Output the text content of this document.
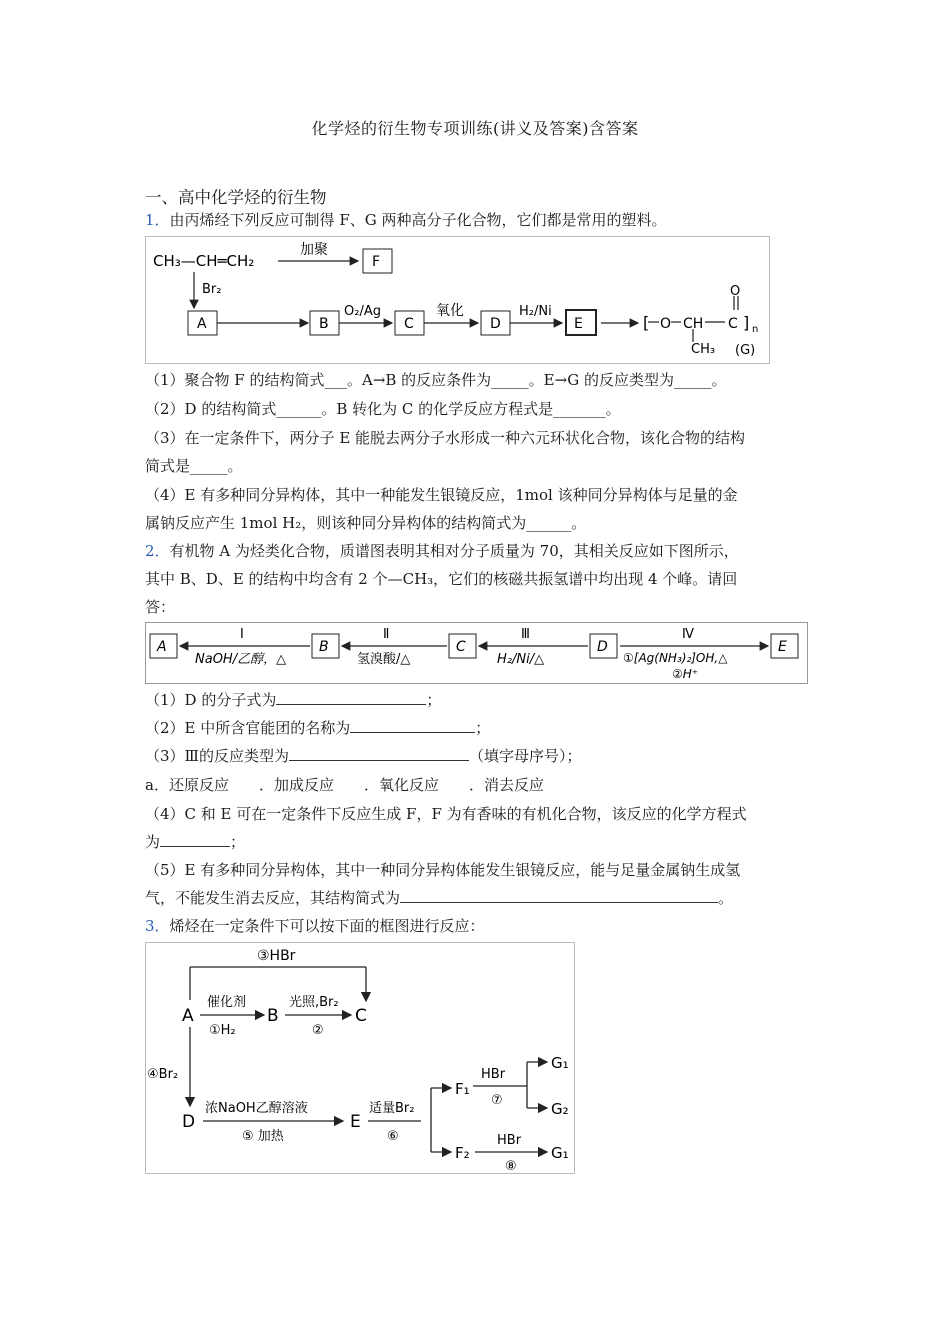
化学烃的衍生物专项训练(讲义及答案)含答案
一、高中化学烃的衍生物
1．由丙烯经下列反应可制得 F、G 两种高分子化合物，它们都是常用的塑料。
CH₃—CH═CH₂
加聚
F
Br₂
A	B
O₂/Ag
C
氧化
D
H₂/Ni
E	[ O CH C
O
] n
CH₃ (G)
（1）聚合物 F 的结构简式___。A→B 的反应条件为_____。E→G 的反应类型为_____。
（2）D 的结构简式______。B 转化为 C 的化学反应方程式是_______。
（3）在一定条件下，两分子 E 能脱去两分子水形成一种六元环状化合物，该化合物的结构
简式是_____。
（4）E 有多种同分异构体，其中一种能发生银镜反应，1mol 该种同分异构体与足量的金
属钠反应产生 1mol H₂，则该种同分异构体的结构简式为______。
2．有机物 A 为烃类化合物，质谱图表明其相对分子质量为 70，其相关反应如下图所示，
其中 B、D、E 的结构中均含有 2 个—CH₃，它们的核磁共振氢谱中均出现 4 个峰。请回
答：
A
Ⅰ
NaOH/乙醇，△
B
Ⅱ
氢溴酸/△
C
Ⅲ
H₂/Ni/△
D
Ⅳ
①[Ag(NH₃)₂]OH,△
②H⁺
E
（1）D 的分子式为	；
（2）E 中所含官能团的名称为	；
（3）Ⅲ的反应类型为	（填字母序号）；
a．还原反应　　．加成反应　　．氧化反应　　．消去反应
（4）C 和 E 可在一定条件下反应生成 F，F 为有香味的有机化合物，该反应的化学方程式
为	；
（5）E 有多种同分异构体，其中一种同分异构体能发生银镜反应，能与足量金属钠生成氢
气，不能发生消去反应，其结构简式为	。
3．烯烃在一定条件下可以按下面的框图进行反应：
③HBr
A
催化剂
①H₂
B
光照,Br₂
②
C
④Br₂
D
浓NaOH乙醇溶液
⑤ 加热
E
适量Br₂
⑥
F₁
HBr
⑦
G₁
G₂
F₂
HBr
⑧
G₁
